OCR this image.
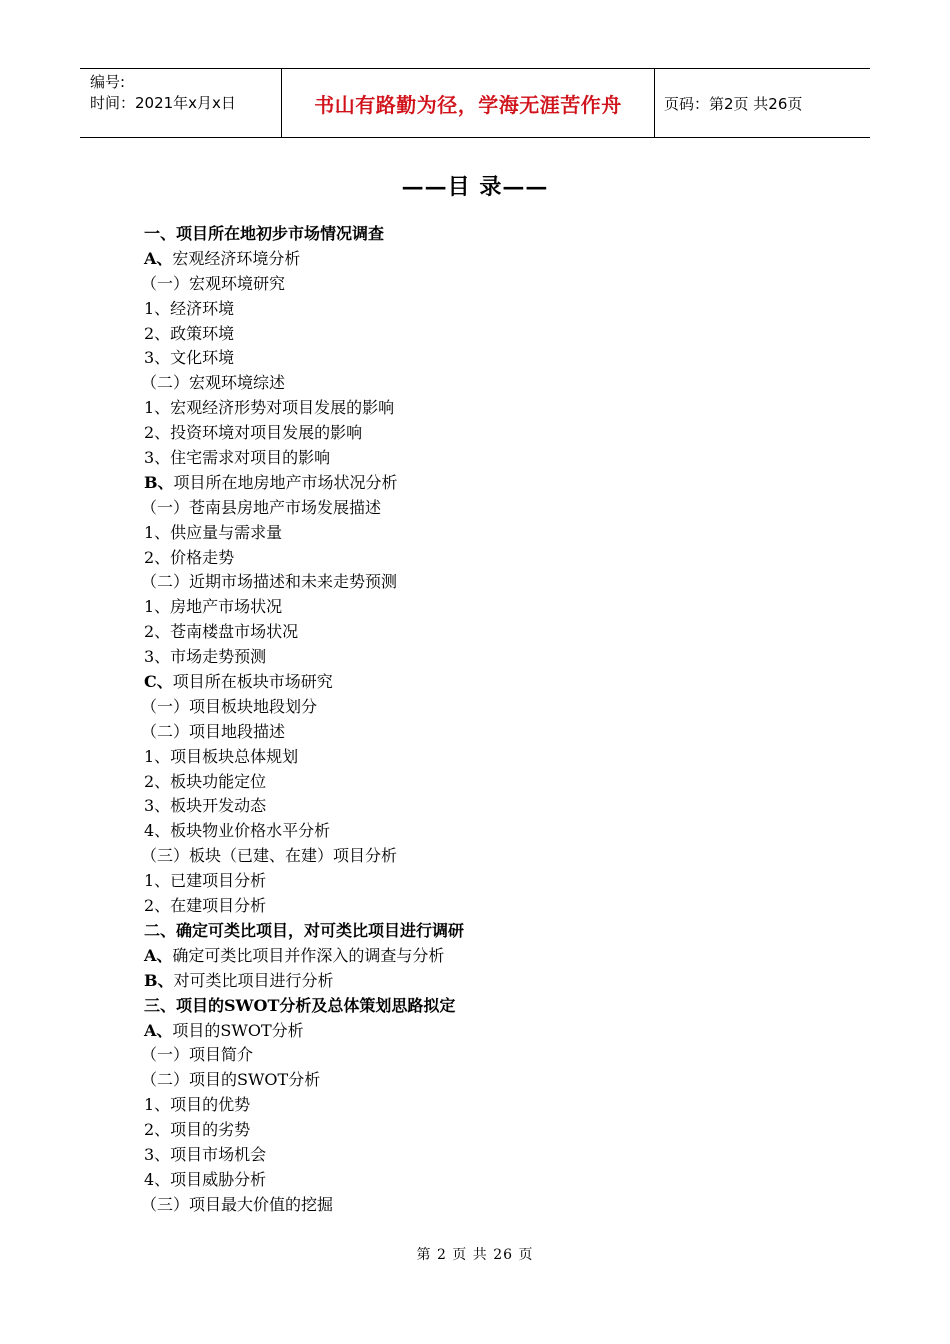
编号:
时间：2021年x月x日	书山有路勤为径，学海无涯苦作舟	页码：第2页 共26页
——目 录——
一、项目所在地初步市场情况调查
A、宏观经济环境分析
（一）宏观环境研究
1、经济环境
2、政策环境
3、文化环境
（二）宏观环境综述
1、宏观经济形势对项目发展的影响
2、投资环境对项目发展的影响
3、住宅需求对项目的影响
B、项目所在地房地产市场状况分析
（一）苍南县房地产市场发展描述
1、供应量与需求量
2、价格走势
（二）近期市场描述和未来走势预测
1、房地产市场状况
2、苍南楼盘市场状况
3、市场走势预测
C、项目所在板块市场研究
（一）项目板块地段划分
（二）项目地段描述
1、项目板块总体规划
2、板块功能定位
3、板块开发动态
4、板块物业价格水平分析
（三）板块（已建、在建）项目分析
1、已建项目分析
2、在建项目分析
二、确定可类比项目，对可类比项目进行调研
A、确定可类比项目并作深入的调查与分析
B、对可类比项目进行分析
三、项目的SWOT分析及总体策划思路拟定
A、项目的SWOT分析
（一）项目简介
（二）项目的SWOT分析
1、项目的优势
2、项目的劣势
3、项目市场机会
4、项目威胁分析
（三）项目最大价值的挖掘
第 2 页 共 26 页
